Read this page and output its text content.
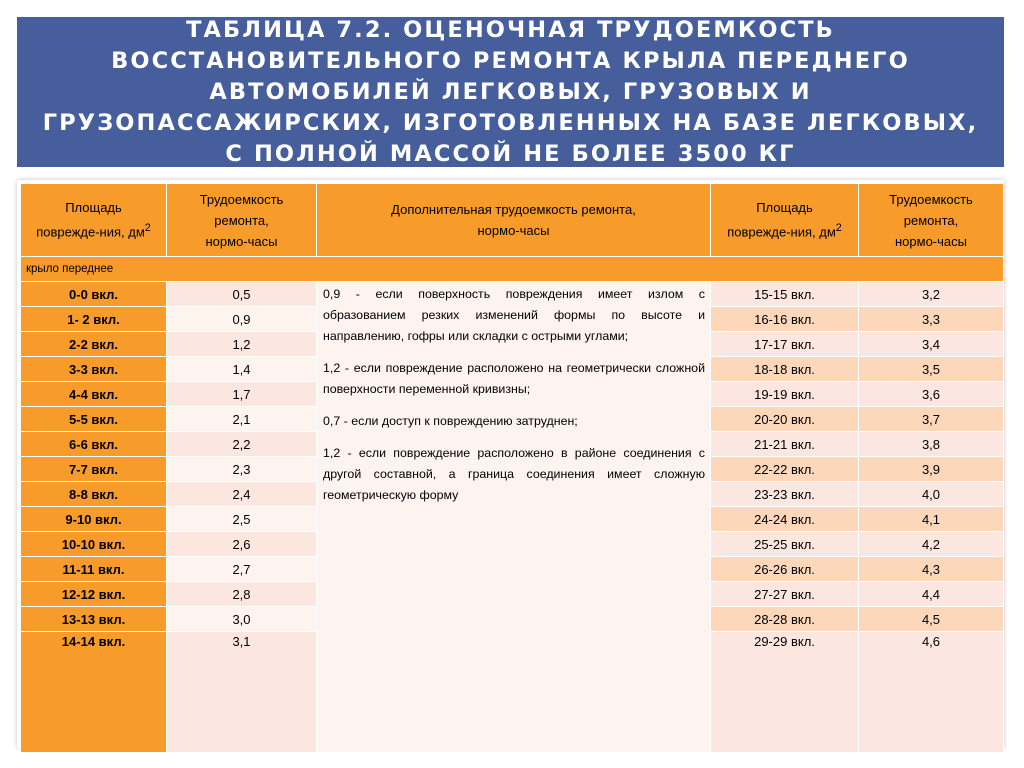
ТАБЛИЦА 7.2. ОЦЕНОЧНАЯ ТРУДОЕМКОСТЬ ВОССТАНОВИТЕЛЬНОГО РЕМОНТА КРЫЛА ПЕРЕДНЕГО АВТОМОБИЛЕЙ ЛЕГКОВЫХ, ГРУЗОВЫХ И ГРУЗОПАССАЖИРСКИХ, ИЗГОТОВЛЕННЫХ НА БАЗЕ ЛЕГКОВЫХ, С ПОЛНОЙ МАССОЙ НЕ БОЛЕЕ 3500 КГ
Площадь
поврежде-ния, $дм^2$	Трудоемкость
ремонта,
нормо-часы	Дополнительная трудоемкость ремонта,
нормо-часы	Площадь
поврежде-ния, $дм^2$	Трудоемкость
ремонта,
нормо-часы
крыло переднее				
0-0 вкл.	0,5	0,9 - если поверхность повреждения имеет излом с образованием резких изменений формы по высоте и направлению, гофры или складки с острыми углами;

1,2 - если повреждение расположено на геометрически сложной поверхности переменной кривизны;

0,7 - если доступ к повреждению затруднен;

1,2 - если повреждение расположено в районе соединения с другой составной, а граница соединения имеет сложную геометрическую форму	15-15 вкл.	3,2
1- 2 вкл.	0,9		16-16 вкл.	3,3
2-2 вкл.	1,2		17-17 вкл.	3,4
3-3 вкл.	1,4		18-18 вкл.	3,5
4-4 вкл.	1,7		19-19 вкл.	3,6
5-5 вкл.	2,1		20-20 вкл.	3,7
6-6 вкл.	2,2		21-21 вкл.	3,8
7-7 вкл.	2,3		22-22 вкл.	3,9
8-8 вкл.	2,4		23-23 вкл.	4,0
9-10 вкл.	2,5		24-24 вкл.	4,1
10-10 вкл.	2,6		25-25 вкл.	4,2
11-11 вкл.	2,7		26-26 вкл.	4,3
12-12 вкл.	2,8		27-27 вкл.	4,4
13-13 вкл.	3,0		28-28 вкл.	4,5
14-14 вкл.	3,1		29-29 вкл.	4,6
